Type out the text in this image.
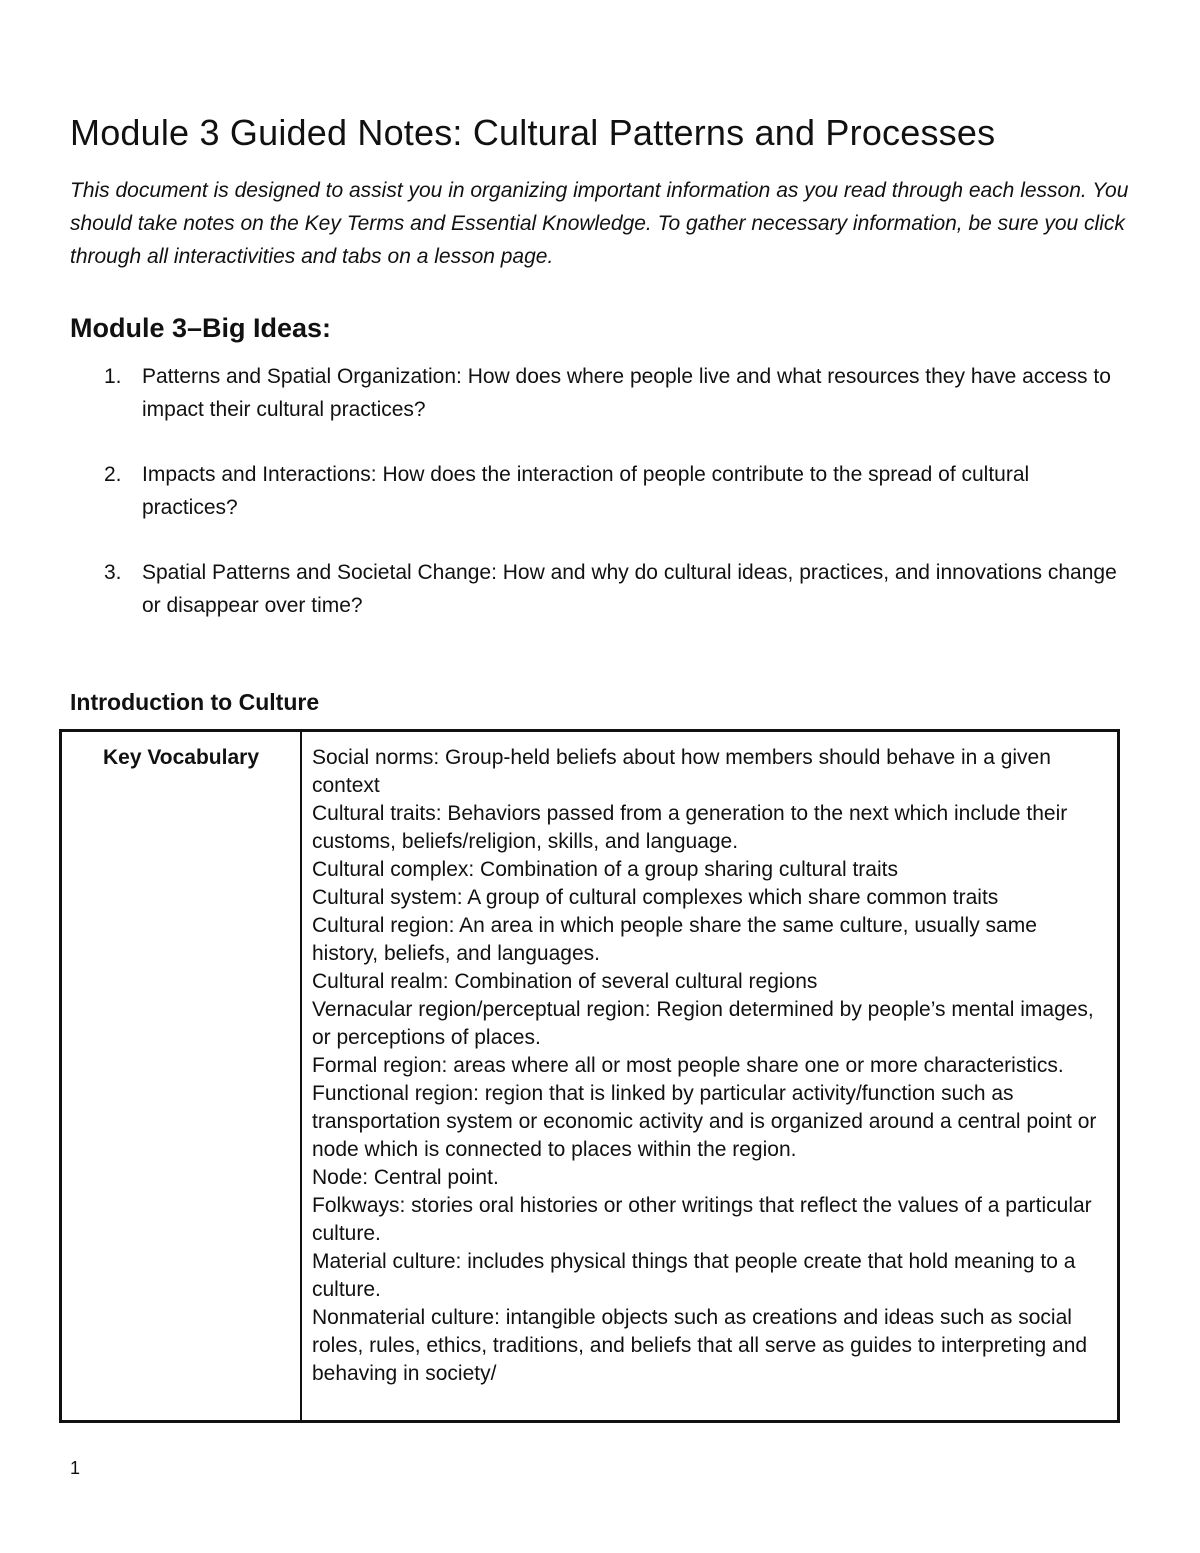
Module 3 Guided Notes: Cultural Patterns and Processes

This document is designed to assist you in organizing important information as you read through each lesson. You should take notes on the Key Terms and Essential Knowledge. To gather necessary information, be sure you click through all interactivities and tabs on a lesson page.

Module 3–Big Ideas:
1. Patterns and Spatial Organization: How does where people live and what resources they have access to impact their cultural practices?
2. Impacts and Interactions: How does the interaction of people contribute to the spread of cultural practices?
3. Spatial Patterns and Societal Change: How and why do cultural ideas, practices, and innovations change or disappear over time?
Introduction to Culture
Key Vocabulary	Social norms: Group-held beliefs about how members should behave in a given context
Cultural traits: Behaviors passed from a generation to the next which include their customs, beliefs/religion, skills, and language.
Cultural complex: Combination of a group sharing cultural traits
Cultural system: A group of cultural complexes which share common traits
Cultural region: An area in which people share the same culture, usually same history, beliefs, and languages.
Cultural realm: Combination of several cultural regions
Vernacular region/perceptual region: Region determined by people’s mental images, or perceptions of places.
Formal region: areas where all or most people share one or more characteristics.
Functional region: region that is linked by particular activity/function such as transportation system or economic activity and is organized around a central point or node which is connected to places within the region.
Node: Central point.
Folkways: stories oral histories or other writings that reflect the values of a particular culture.
Material culture: includes physical things that people create that hold meaning to a culture.
Nonmaterial culture: intangible objects such as creations and ideas such as social roles, rules, ethics, traditions, and beliefs that all serve as guides to interpreting and behaving in society/
1
